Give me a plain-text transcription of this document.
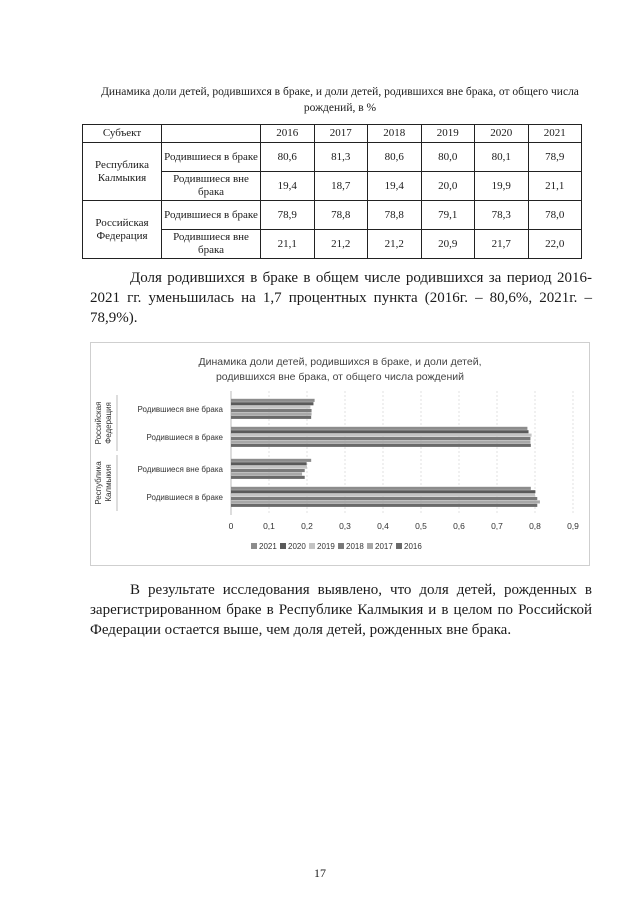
Динамика доли детей, родившихся в браке, и доли детей, родившихся вне брака, от общего числа рождений, в %
Субъект		2016	2017	2018	2019	2020	2021
Республика Калмыкия	Родившиеся в браке	80,6	81,3	80,6	80,0	80,1	78,9
	Родившиеся вне брака	19,4	18,7	19,4	20,0	19,9	21,1
Российская Федерация	Родившиеся в браке	78,9	78,8	78,8	79,1	78,3	78,0
	Родившиеся вне брака	21,1	21,2	21,2	20,9	21,7	22,0

Доля родившихся в браке в общем числе родившихся за период 2016-2021 гг. уменьшилась на 1,7 процентных пункта (2016г. – 80,6%, 2021г. – 78,9%).

Динамика доли детей, родившихся в браке, и доли детей,
родившихся вне брака, от общего числа рождений
0	0,1	0,2	0,3	0,4	0,5	0,6	0,7	0,8	0,9
Российская Федерация	Родившиеся вне брака
Родившиеся в браке
Республика Калмыкия	Родившиеся вне брака
Родившиеся в браке
2021 2020 2019 2018 2017 2016

В результате исследования выявлено, что доля детей, рожденных в зарегистрированном браке в Республике Калмыкия и в целом по Российской Федерации остается выше, чем доля детей, рожденных вне брака.

17
